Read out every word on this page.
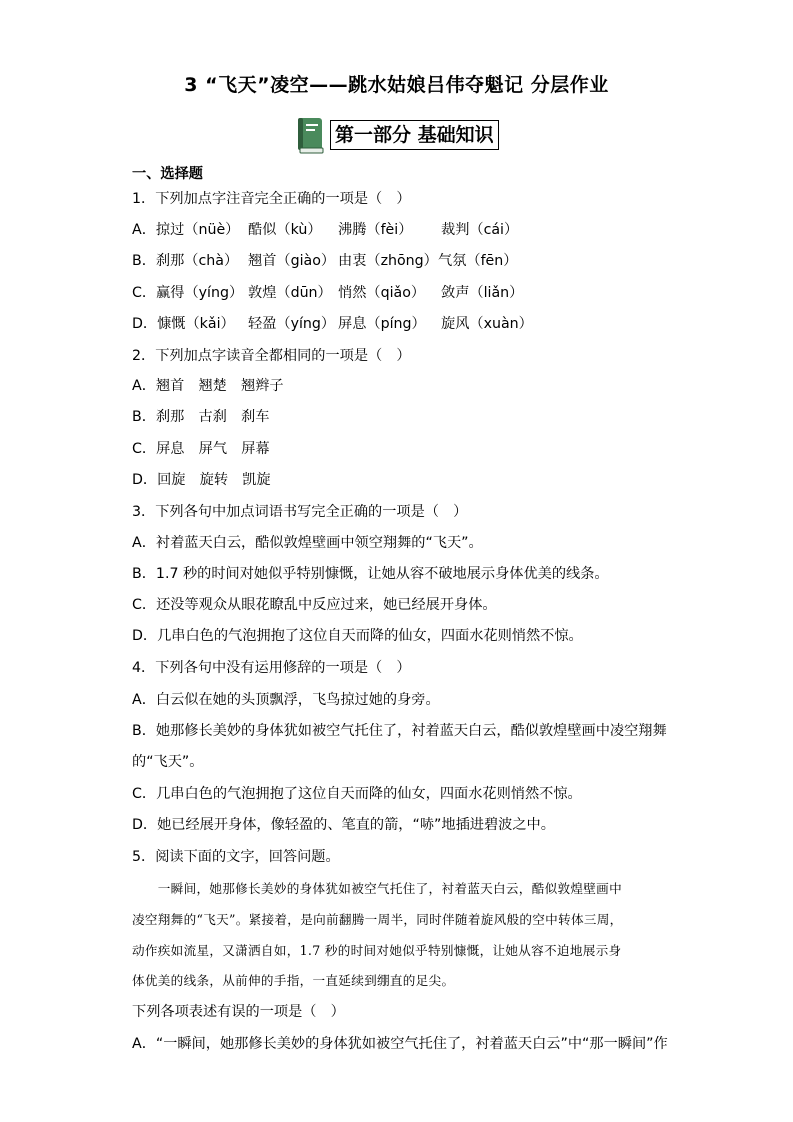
3 “飞天”凌空——跳水姑娘吕伟夺魁记 分层作业
第一部分 基础知识
一、选择题
1．下列加点字注音完全正确的一项是（　）
A．掠过（nüè） 酷似（kù） 沸腾（fèi） 裁判（cái）
B．刹那（chà） 翘首（giào） 由衷（zhōng）气氛（fēn）
C．赢得（yíng） 敦煌（dūn） 悄然（qiǎo） 敛声（liǎn）
D．慷慨（kǎi） 轻盈（yíng） 屏息（píng） 旋风（xuàn）
2．下列加点字读音全都相同的一项是（　）
A．翘首　翘楚　翘辫子
B．刹那　古刹　刹车
C．屏息　屏气　屏幕
D．回旋　旋转　凯旋
3．下列各句中加点词语书写完全正确的一项是（　）
A．衬着蓝天白云，酷似敦煌壁画中领空翔舞的“飞天”。
B．1.7 秒的时间对她似乎特别慷慨，让她从容不破地展示身体优美的线条。
C．还没等观众从眼花瞭乱中反应过来，她已经展开身体。
D．几串白色的气泡拥抱了这位自天而降的仙女，四面水花则悄然不惊。
4．下列各句中没有运用修辞的一项是（　）
A．白云似在她的头顶飘浮，飞鸟掠过她的身旁。
B．她那修长美妙的身体犹如被空气托住了，衬着蓝天白云，酷似敦煌壁画中凌空翔舞
的“飞天”。
C．几串白色的气泡拥抱了这位自天而降的仙女，四面水花则悄然不惊。
D．她已经展开身体，像轻盈的、笔直的箭，“哧”地插进碧波之中。
5．阅读下面的文字，回答问题。
　　一瞬间，她那修长美妙的身体犹如被空气托住了，衬着蓝天白云，酷似敦煌壁画中
凌空翔舞的“飞天”。紧接着，是向前翻腾一周半，同时伴随着旋风般的空中转体三周，
动作疾如流星，又潇洒自如，1.7 秒的时间对她似乎特别慷慨，让她从容不迫地展示身
体优美的线条，从前伸的手指，一直延续到绷直的足尖。
下列各项表述有误的一项是（　）
A．“一瞬间，她那修长美妙的身体犹如被空气托住了，衬着蓝天白云”中“那一瞬间”作
